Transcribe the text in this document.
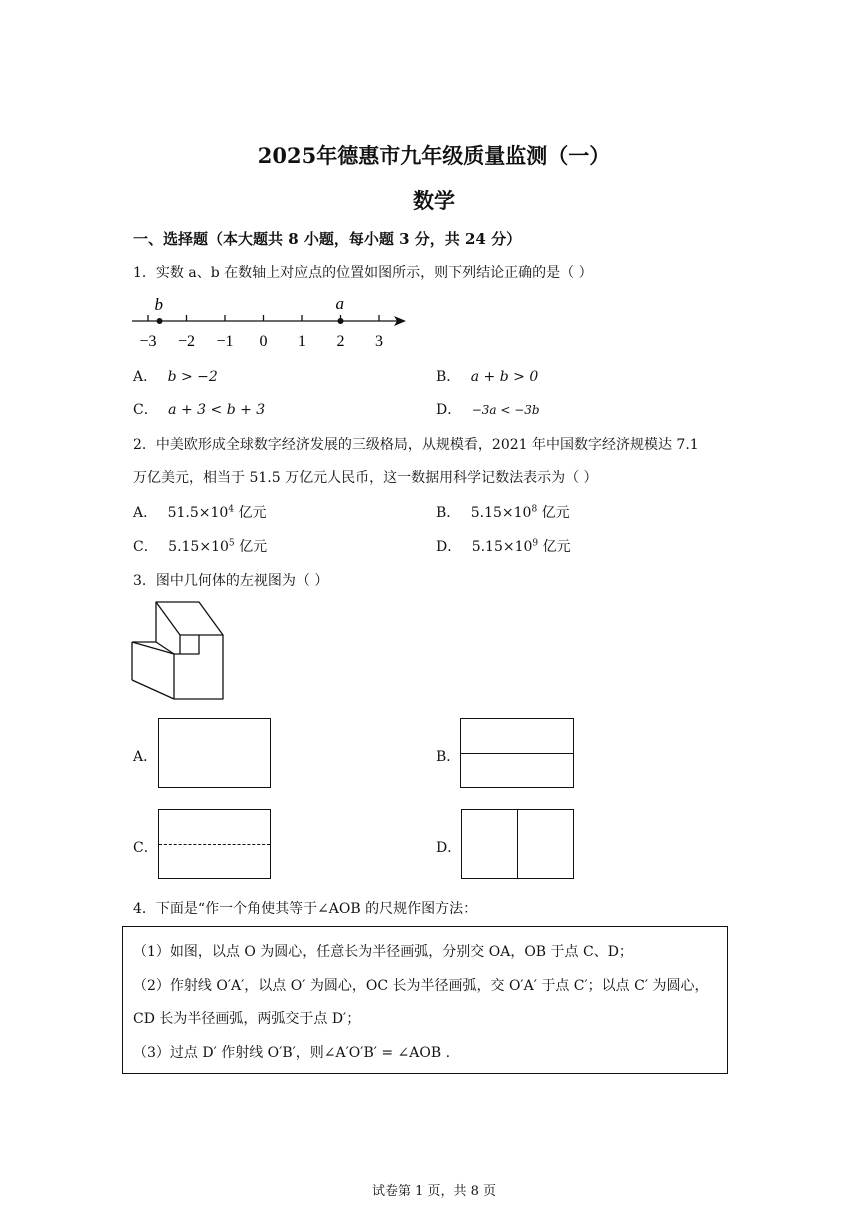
2025年德惠市九年级质量监测（一）
数学
一、选择题（本大题共 8 小题，每小题 3 分，共 24 分）
1．实数 a、b 在数轴上对应点的位置如图所示，则下列结论正确的是（ ）
−3 −2 −1 0 1 2 3
b	a
A． b > −2	B． a + b > 0
C． a + 3 < b + 3	D． −3a < −3b
2．中美欧形成全球数字经济发展的三级格局，从规模看，2021 年中国数字经济规模达 7.1
万亿美元，相当于 51.5 万亿元人民币，这一数据用科学记数法表示为（ ）
A． $51.5\times 10^4$ 亿元	B． $5.15\times 10^8$ 亿元
C． $5.15\times 10^5$ 亿元	D． $5.15\times 10^9$ 亿元
3．图中几何体的左视图为（ ）
A．	B．
C．	D．
4．下面是“作一个角使其等于∠AOB 的尺规作图方法：
（1）如图，以点 O 为圆心，任意长为半径画弧，分别交 OA，OB 于点 C、D；
（2）作射线 O′A′，以点 O′ 为圆心，OC 长为半径画弧，交 O′A′ 于点 C′；以点 C′ 为圆心，
CD 长为半径画弧，两弧交于点 D′；
（3）过点 D′ 作射线 O′B′，则∠A′O′B′ = ∠AOB .
试卷第 1 页，共 8 页
